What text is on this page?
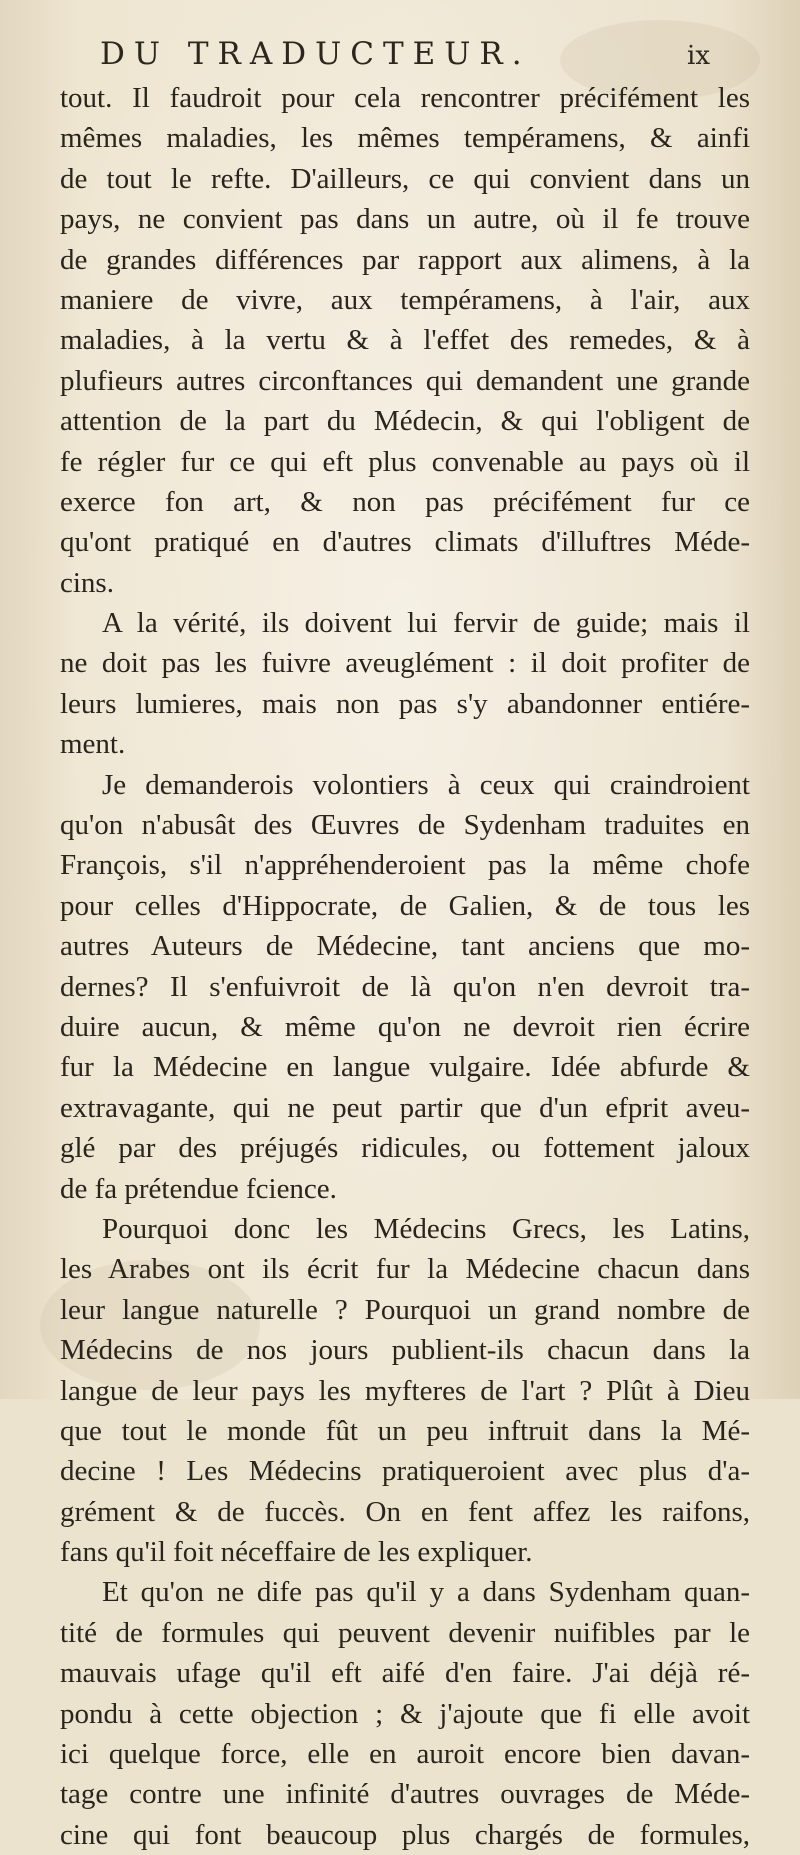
DU TRADUCTEUR.	ix
tout. Il faudroit pour cela rencontrer précifément les
mêmes maladies, les mêmes tempéramens, & ainfi
de tout le refte. D'ailleurs, ce qui convient dans un
pays, ne convient pas dans un autre, où il fe trouve
de grandes différences par rapport aux alimens, à la
maniere de vivre, aux tempéramens, à l'air, aux
maladies, à la vertu & à l'effet des remedes, & à
plufieurs autres circonftances qui demandent une grande
attention de la part du Médecin, & qui l'obligent de
fe régler fur ce qui eft plus convenable au pays où il
exerce fon art, & non pas précifément fur ce
qu'ont pratiqué en d'autres climats d'illuftres Méde-
cins.
A la vérité, ils doivent lui fervir de guide; mais il
ne doit pas les fuivre aveuglément : il doit profiter de
leurs lumieres, mais non pas s'y abandonner entiére-
ment.
Je demanderois volontiers à ceux qui craindroient
qu'on n'abusât des Œuvres de Sydenham traduites en
François, s'il n'appréhenderoient pas la même chofe
pour celles d'Hippocrate, de Galien, & de tous les
autres Auteurs de Médecine, tant anciens que mo-
dernes? Il s'enfuivroit de là qu'on n'en devroit tra-
duire aucun, & même qu'on ne devroit rien écrire
fur la Médecine en langue vulgaire. Idée abfurde &
extravagante, qui ne peut partir que d'un efprit aveu-
glé par des préjugés ridicules, ou fottement jaloux
de fa prétendue fcience.
Pourquoi donc les Médecins Grecs, les Latins,
les Arabes ont ils écrit fur la Médecine chacun dans
leur langue naturelle ? Pourquoi un grand nombre de
Médecins de nos jours publient-ils chacun dans la
langue de leur pays les myfteres de l'art ? Plût à Dieu
que tout le monde fût un peu inftruit dans la Mé-
decine ! Les Médecins pratiqueroient avec plus d'a-
grément & de fuccès. On en fent affez les raifons,
fans qu'il foit néceffaire de les expliquer.
Et qu'on ne dife pas qu'il y a dans Sydenham quan-
tité de formules qui peuvent devenir nuifibles par le
mauvais ufage qu'il eft aifé d'en faire. J'ai déjà ré-
pondu à cette objection ; & j'ajoute que fi elle avoit
ici quelque force, elle en auroit encore bien davan-
tage contre une infinité d'autres ouvrages de Méde-
cine qui font beaucoup plus chargés de formules,
